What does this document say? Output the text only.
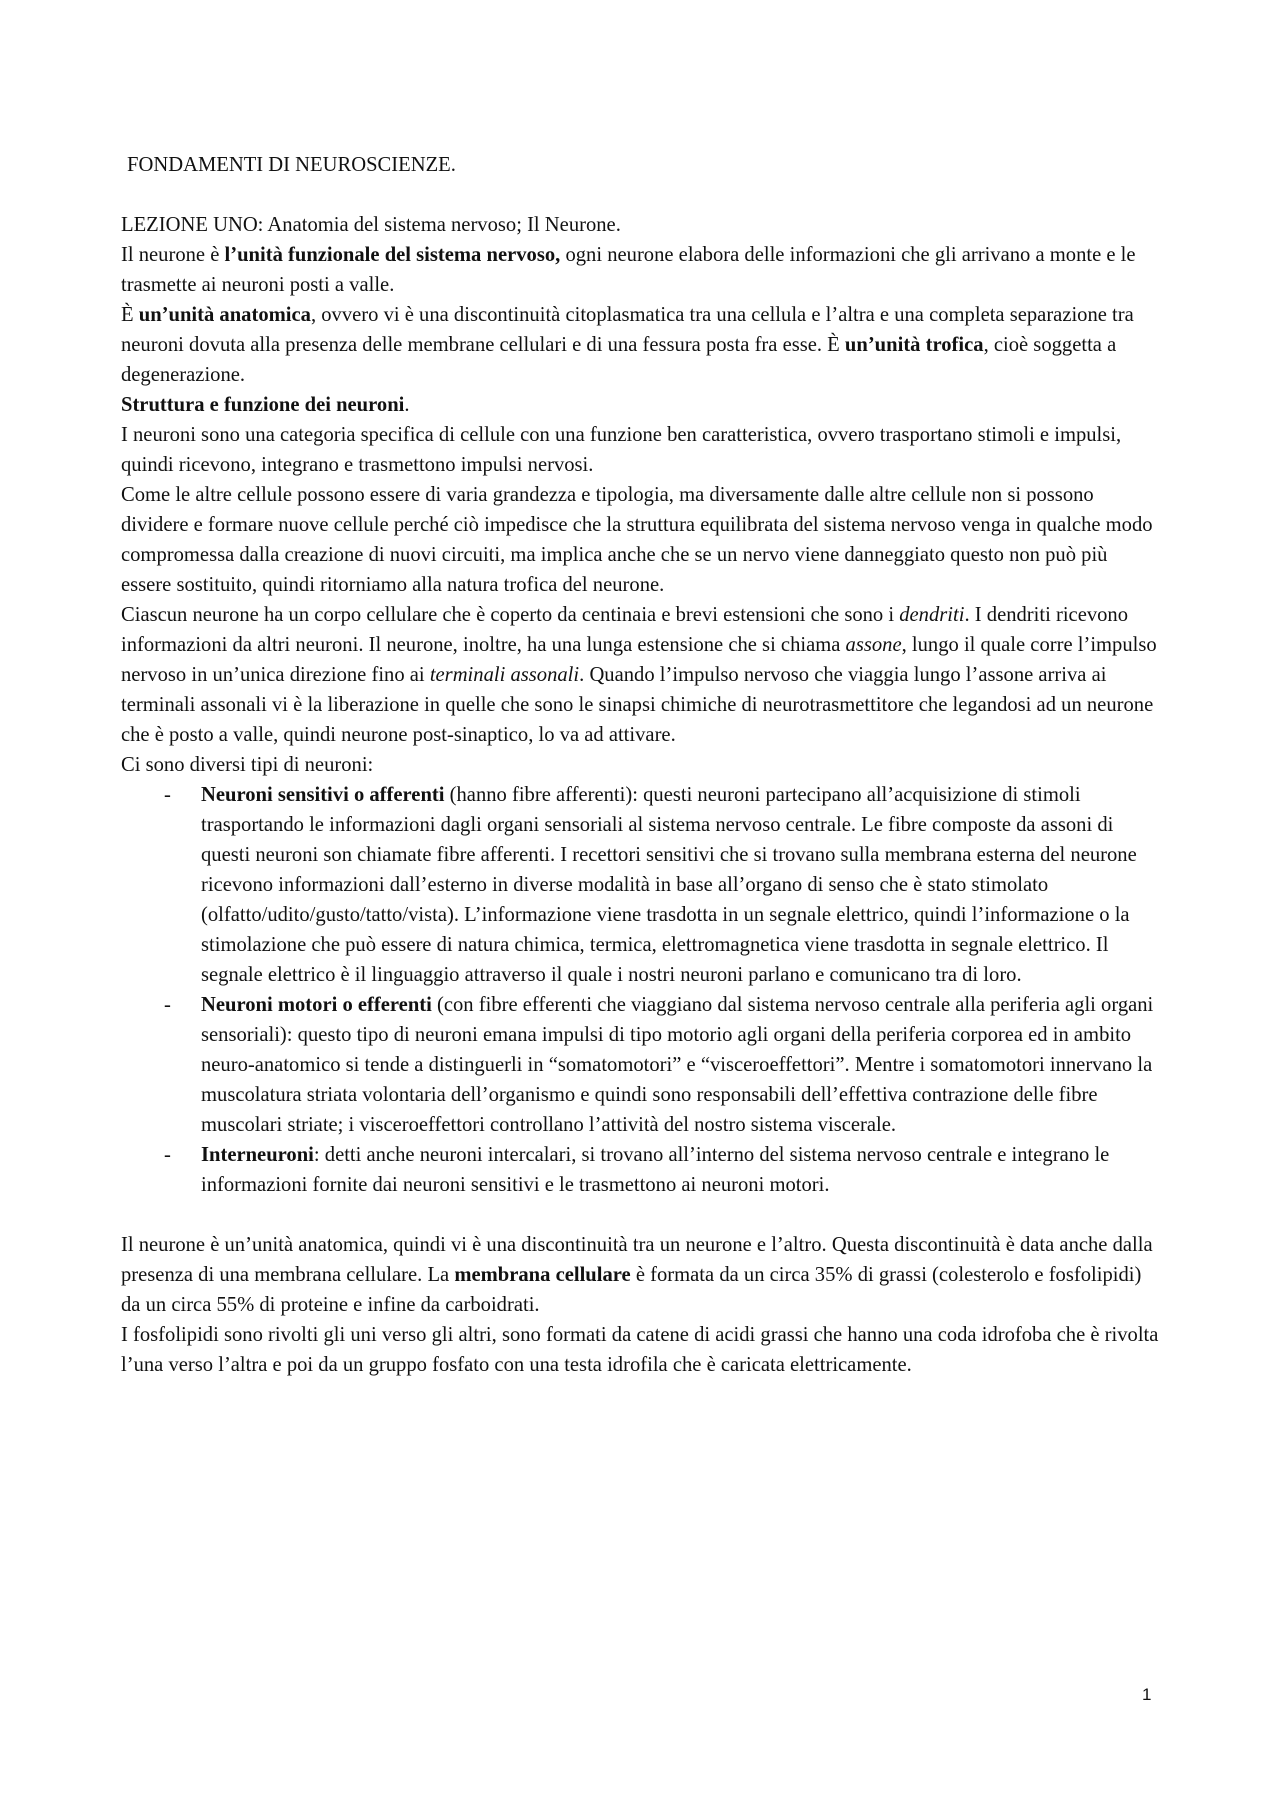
FONDAMENTI DI NEUROSCIENZE.

LEZIONE UNO: Anatomia del sistema nervoso; Il Neurone.

Il neurone è l’unità funzionale del sistema nervoso, ogni neurone elabora delle informazioni che gli arrivano a monte e le trasmette ai neuroni posti a valle.

È un’unità anatomica, ovvero vi è una discontinuità citoplasmatica tra una cellula e l’altra e una completa separazione tra neuroni dovuta alla presenza delle membrane cellulari e di una fessura posta fra esse. È un’unità trofica, cioè soggetta a degenerazione.

Struttura e funzione dei neuroni.

I neuroni sono una categoria specifica di cellule con una funzione ben caratteristica, ovvero trasportano stimoli e impulsi, quindi ricevono, integrano e trasmettono impulsi nervosi.

Come le altre cellule possono essere di varia grandezza e tipologia, ma diversamente dalle altre cellule non si possono dividere e formare nuove cellule perché ciò impedisce che la struttura equilibrata del sistema nervoso venga in qualche modo compromessa dalla creazione di nuovi circuiti, ma implica anche che se un nervo viene danneggiato questo non può più essere sostituito, quindi ritorniamo alla natura trofica del neurone.

Ciascun neurone ha un corpo cellulare che è coperto da centinaia e brevi estensioni che sono i dendriti. I dendriti ricevono informazioni da altri neuroni. Il neurone, inoltre, ha una lunga estensione che si chiama assone, lungo il quale corre l’impulso nervoso in un’unica direzione fino ai terminali assonali. Quando l’impulso nervoso che viaggia lungo l’assone arriva ai terminali assonali vi è la liberazione in quelle che sono le sinapsi chimiche di neurotrasmettitore che legandosi ad un neurone che è posto a valle, quindi neurone post-sinaptico, lo va ad attivare.

Ci sono diversi tipi di neuroni:

- Neuroni sensitivi o afferenti (hanno fibre afferenti): questi neuroni partecipano all’acquisizione di stimoli trasportando le informazioni dagli organi sensoriali al sistema nervoso centrale. Le fibre composte da assoni di questi neuroni son chiamate fibre afferenti. I recettori sensitivi che si trovano sulla membrana esterna del neurone ricevono informazioni dall’esterno in diverse modalità in base all’organo di senso che è stato stimolato (olfatto/udito/gusto/tatto/vista). L’informazione viene trasdotta in un segnale elettrico, quindi l’informazione o la stimolazione che può essere di natura chimica, termica, elettromagnetica viene trasdotta in segnale elettrico. Il segnale elettrico è il linguaggio attraverso il quale i nostri neuroni parlano e comunicano tra di loro.
- Neuroni motori o efferenti (con fibre efferenti che viaggiano dal sistema nervoso centrale alla periferia agli organi sensoriali): questo tipo di neuroni emana impulsi di tipo motorio agli organi della periferia corporea ed in ambito neuro-anatomico si tende a distinguerli in “somatomotori” e “visceroeffettori”. Mentre i somatomotori innervano la muscolatura striata volontaria dell’organismo e quindi sono responsabili dell’effettiva contrazione delle fibre muscolari striate; i visceroeffettori controllano l’attività del nostro sistema viscerale.
- Interneuroni: detti anche neuroni intercalari, si trovano all’interno del sistema nervoso centrale e integrano le informazioni fornite dai neuroni sensitivi e le trasmettono ai neuroni motori.

Il neurone è un’unità anatomica, quindi vi è una discontinuità tra un neurone e l’altro. Questa discontinuità è data anche dalla presenza di una membrana cellulare. La membrana cellulare è formata da un circa 35% di grassi (colesterolo e fosfolipidi) da un circa 55% di proteine e infine da carboidrati.

I fosfolipidi sono rivolti gli uni verso gli altri, sono formati da catene di acidi grassi che hanno una coda idrofoba che è rivolta l’una verso l’altra e poi da un gruppo fosfato con una testa idrofila che è caricata elettricamente.

1
